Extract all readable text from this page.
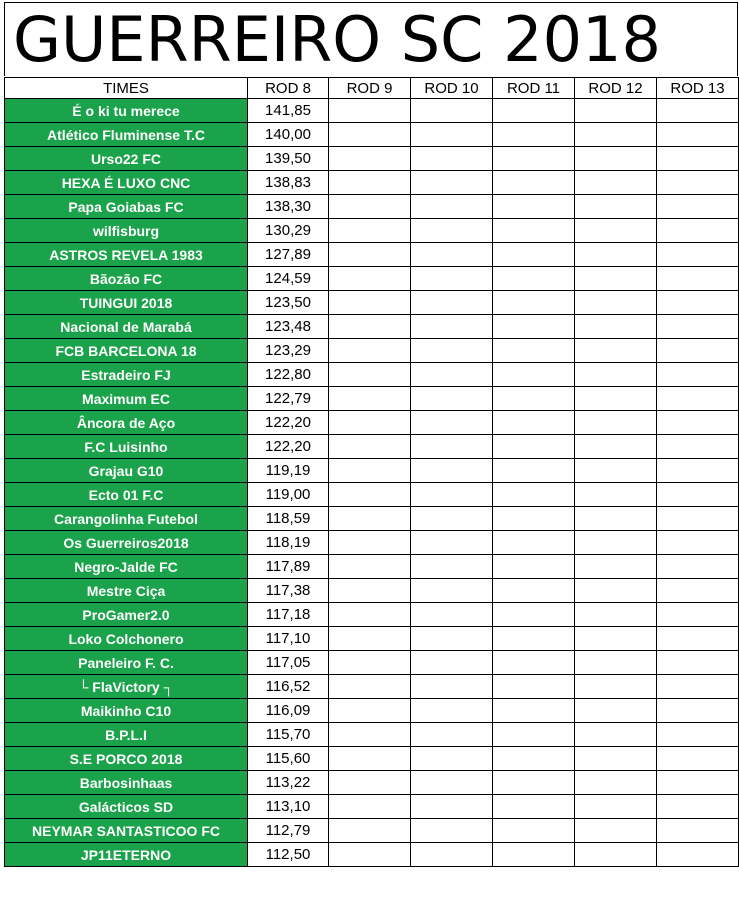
GUERREIRO SC 2018
TIMES	ROD 8	ROD 9	ROD 10	ROD 11	ROD 12	ROD 13
É o ki tu merece	141,85					
Atlético Fluminense T.C	140,00					
Urso22 FC	139,50					
HEXA É LUXO CNC	138,83					
Papa Goiabas FC	138,30					
wilfisburg	130,29					
ASTROS REVELA 1983	127,89					
Bãozão FC	124,59					
TUINGUI 2018	123,50					
Nacional de Marabá	123,48					
FCB BARCELONA 18	123,29					
Estradeiro FJ	122,80					
Maximum EC	122,79					
Âncora de Aço	122,20					
F.C Luisinho	122,20					
Grajau G10	119,19					
Ecto 01 F.C	119,00					
Carangolinha Futebol	118,59					
Os Guerreiros2018	118,19					
Negro-Jalde FC	117,89					
Mestre Ciça	117,38					
ProGamer2.0	117,18					
Loko Colchonero	117,10					
Paneleiro F. C.	117,05					
└ FlaVictory ┐	116,52					
Maikinho C10	116,09					
B.P.L.I	115,70					
S.E PORCO 2018	115,60					
Barbosinhaas	113,22					
Galácticos SD	113,10					
NEYMAR SANTASTICOO FC	112,79					
JP11ETERNO	112,50					
